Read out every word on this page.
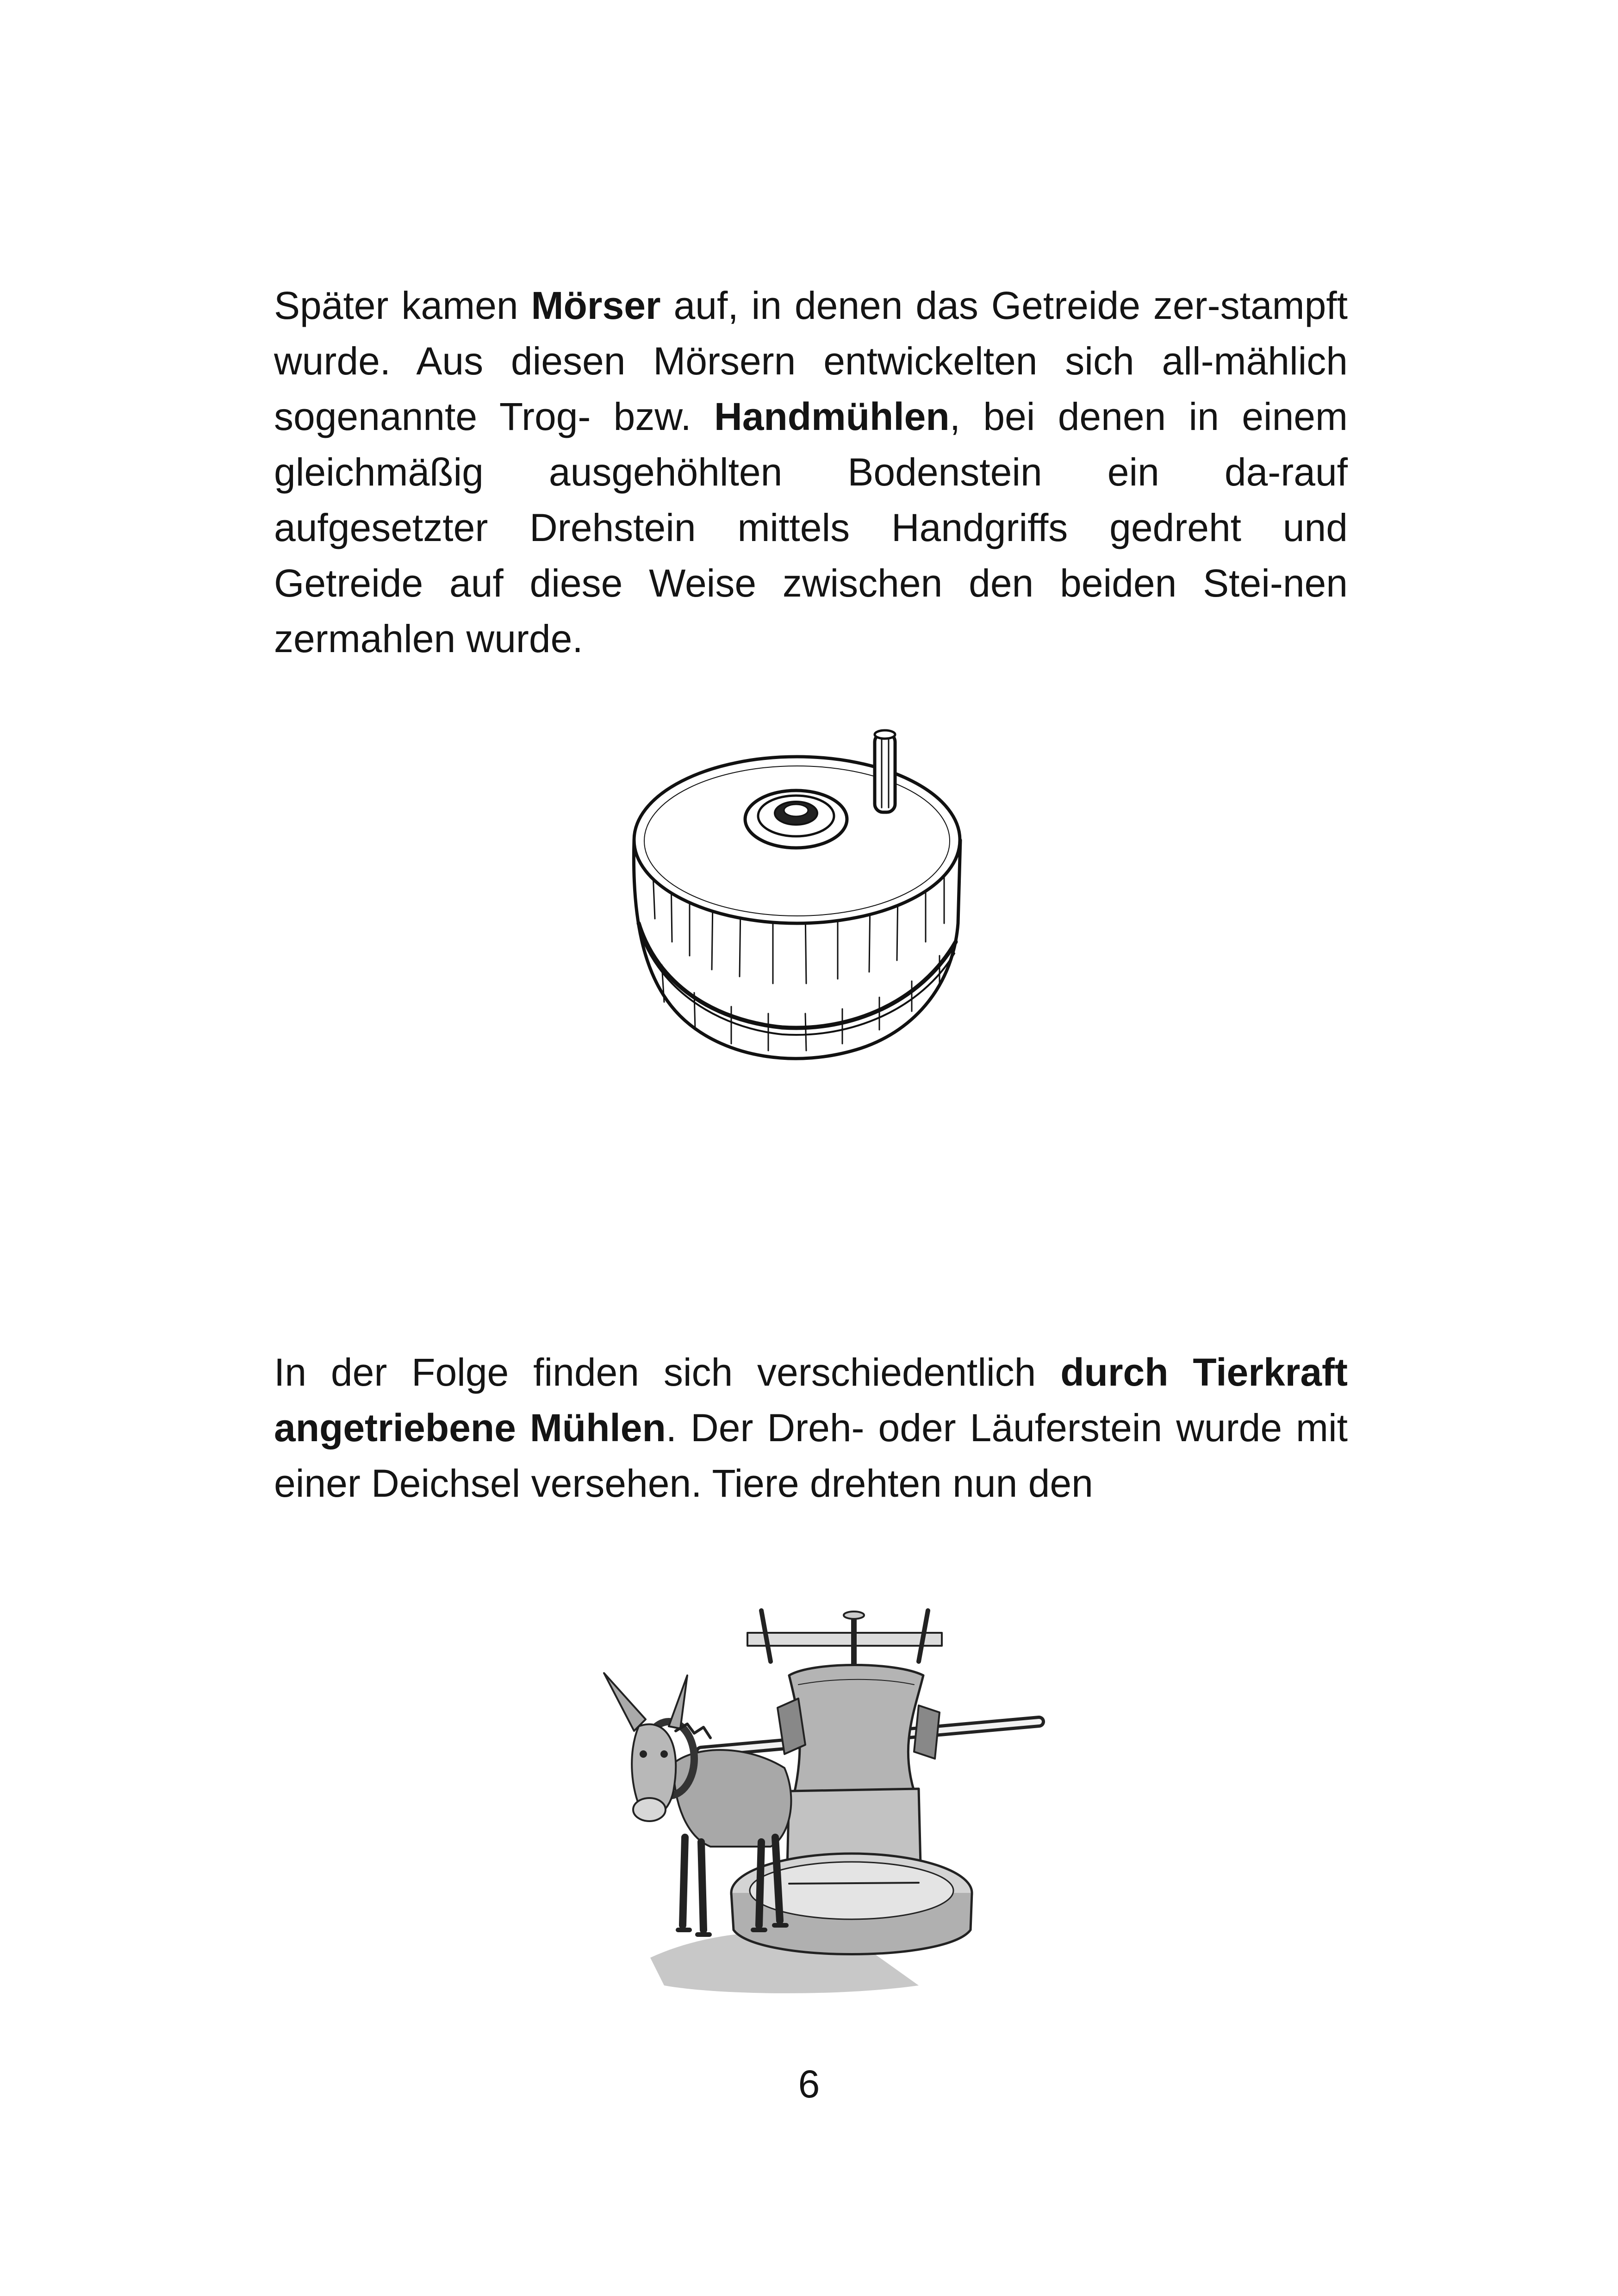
Später kamen Mörser auf, in denen das Getreide zer-stampft wurde. Aus diesen Mörsern entwickelten sich all-mählich sogenannte Trog- bzw. Handmühlen, bei denen in einem gleichmäßig ausgehöhlten Bodenstein ein da-rauf aufgesetzter Drehstein mittels Handgriffs gedreht und Getreide auf diese Weise zwischen den beiden Stei-nen zermahlen wurde.

In der Folge finden sich verschiedentlich durch Tierkraft angetriebene Mühlen. Der Dreh- oder Läuferstein wurde mit einer Deichsel versehen. Tiere drehten nun den

6
